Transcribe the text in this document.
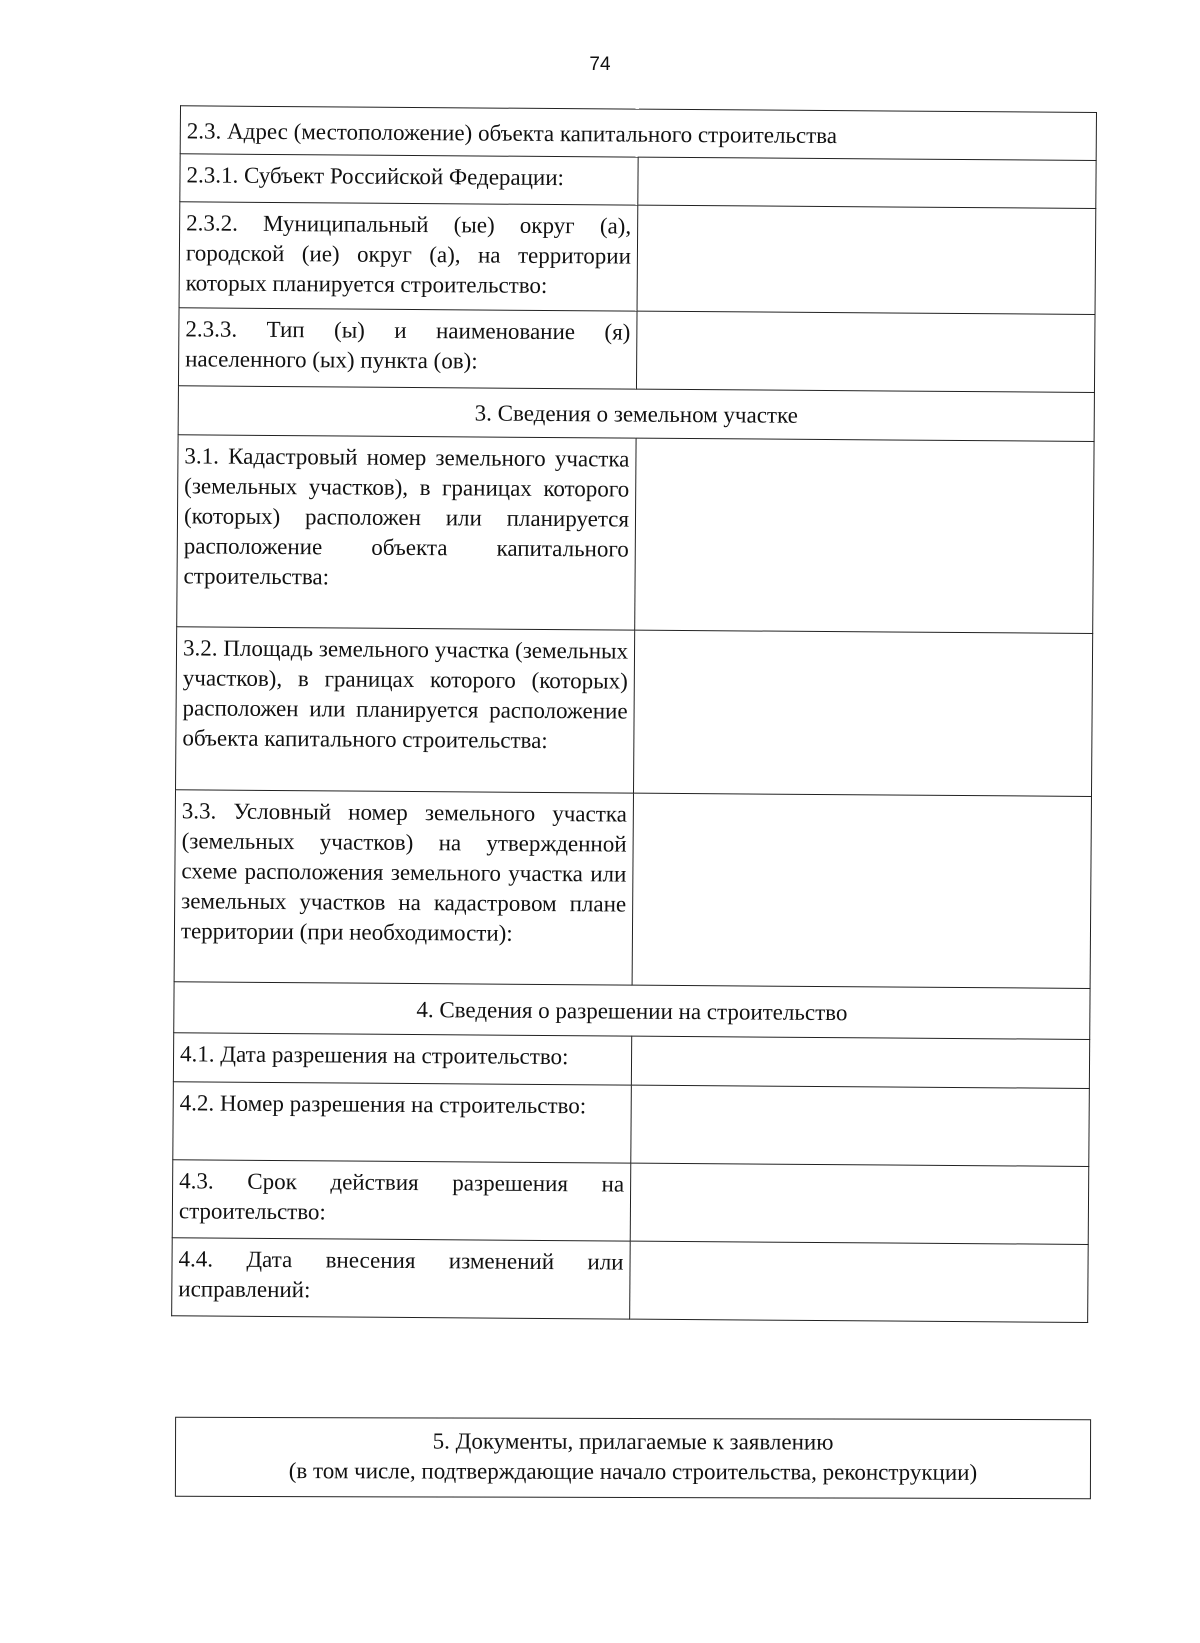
74
2.3. Адрес (местоположение) объекта капитального строительства	
2.3.1. Субъект Российской Федерации:	
2.3.2. Муниципальный (ые) округ (а), городской (ие) округ (а), на территории которых планируется строительство:	
2.3.3. Тип (ы) и наименование (я) населенного (ых) пункта (ов):	
3. Сведения о земельном участке	
3.1. Кадастровый номер земельного участка (земельных участков), в границах которого (которых) расположен или планируется расположение объекта капитального строительства:	
3.2. Площадь земельного участка (земельных участков), в границах которого (которых) расположен или планируется расположение объекта капитального строительства:	
3.3. Условный номер земельного участка (земельных участков) на утвержденной схеме расположения земельного участка или земельных участков на кадастровом плане территории (при необходимости):	
4. Сведения о разрешении на строительство	
4.1. Дата разрешения на строительство:	
4.2. Номер разрешения на строительство:	
4.3. Срок действия разрешения на строительство:	
4.4. Дата внесения изменений или исправлений:	
5. Документы, прилагаемые к заявлению
(в том числе, подтверждающие начало строительства, реконструкции)
